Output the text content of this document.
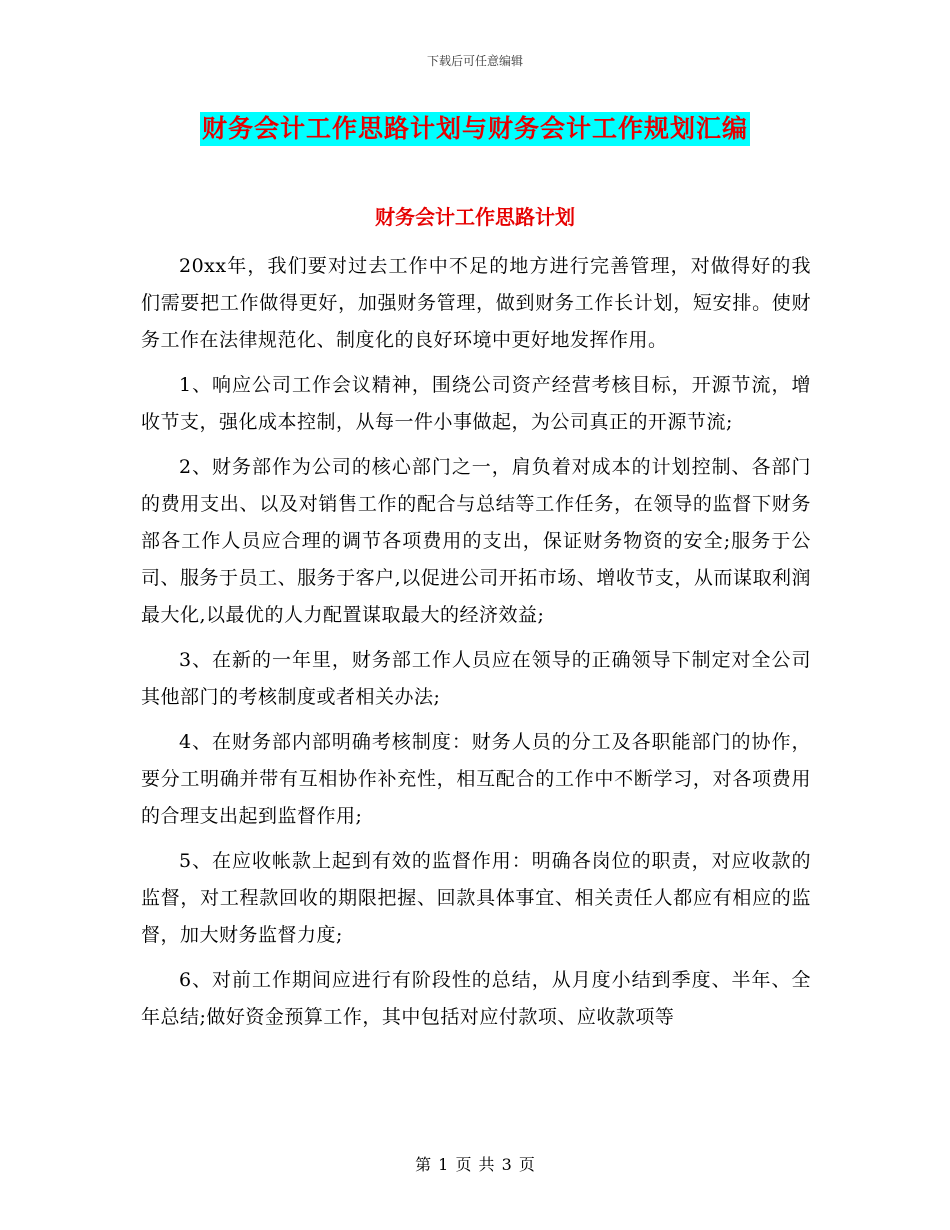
下载后可任意编辑
财务会计工作思路计划与财务会计工作规划汇编
财务会计工作思路计划

20xx年，我们要对过去工作中不足的地方进行完善管理，对做得好的我们需要把工作做得更好，加强财务管理，做到财务工作长计划，短安排。使财务工作在法律规范化、制度化的良好环境中更好地发挥作用。

1、响应公司工作会议精神，围绕公司资产经营考核目标，开源节流，增收节支，强化成本控制，从每一件小事做起，为公司真正的开源节流;

2、财务部作为公司的核心部门之一，肩负着对成本的计划控制、各部门的费用支出、以及对销售工作的配合与总结等工作任务，在领导的监督下财务部各工作人员应合理的调节各项费用的支出，保证财务物资的安全;服务于公司、服务于员工、服务于客户,以促进公司开拓市场、增收节支，从而谋取利润最大化,以最优的人力配置谋取最大的经济效益;

3、在新的一年里，财务部工作人员应在领导的正确领导下制定对全公司其他部门的考核制度或者相关办法;

4、在财务部内部明确考核制度：财务人员的分工及各职能部门的协作，要分工明确并带有互相协作补充性，相互配合的工作中不断学习，对各项费用的合理支出起到监督作用;

5、在应收帐款上起到有效的监督作用：明确各岗位的职责，对应收款的监督，对工程款回收的期限把握、回款具体事宜、相关责任人都应有相应的监督，加大财务监督力度;

6、对前工作期间应进行有阶段性的总结，从月度小结到季度、半年、全年总结;做好资金预算工作，其中包括对应付款项、应收款项等

第 1 页 共 3 页
